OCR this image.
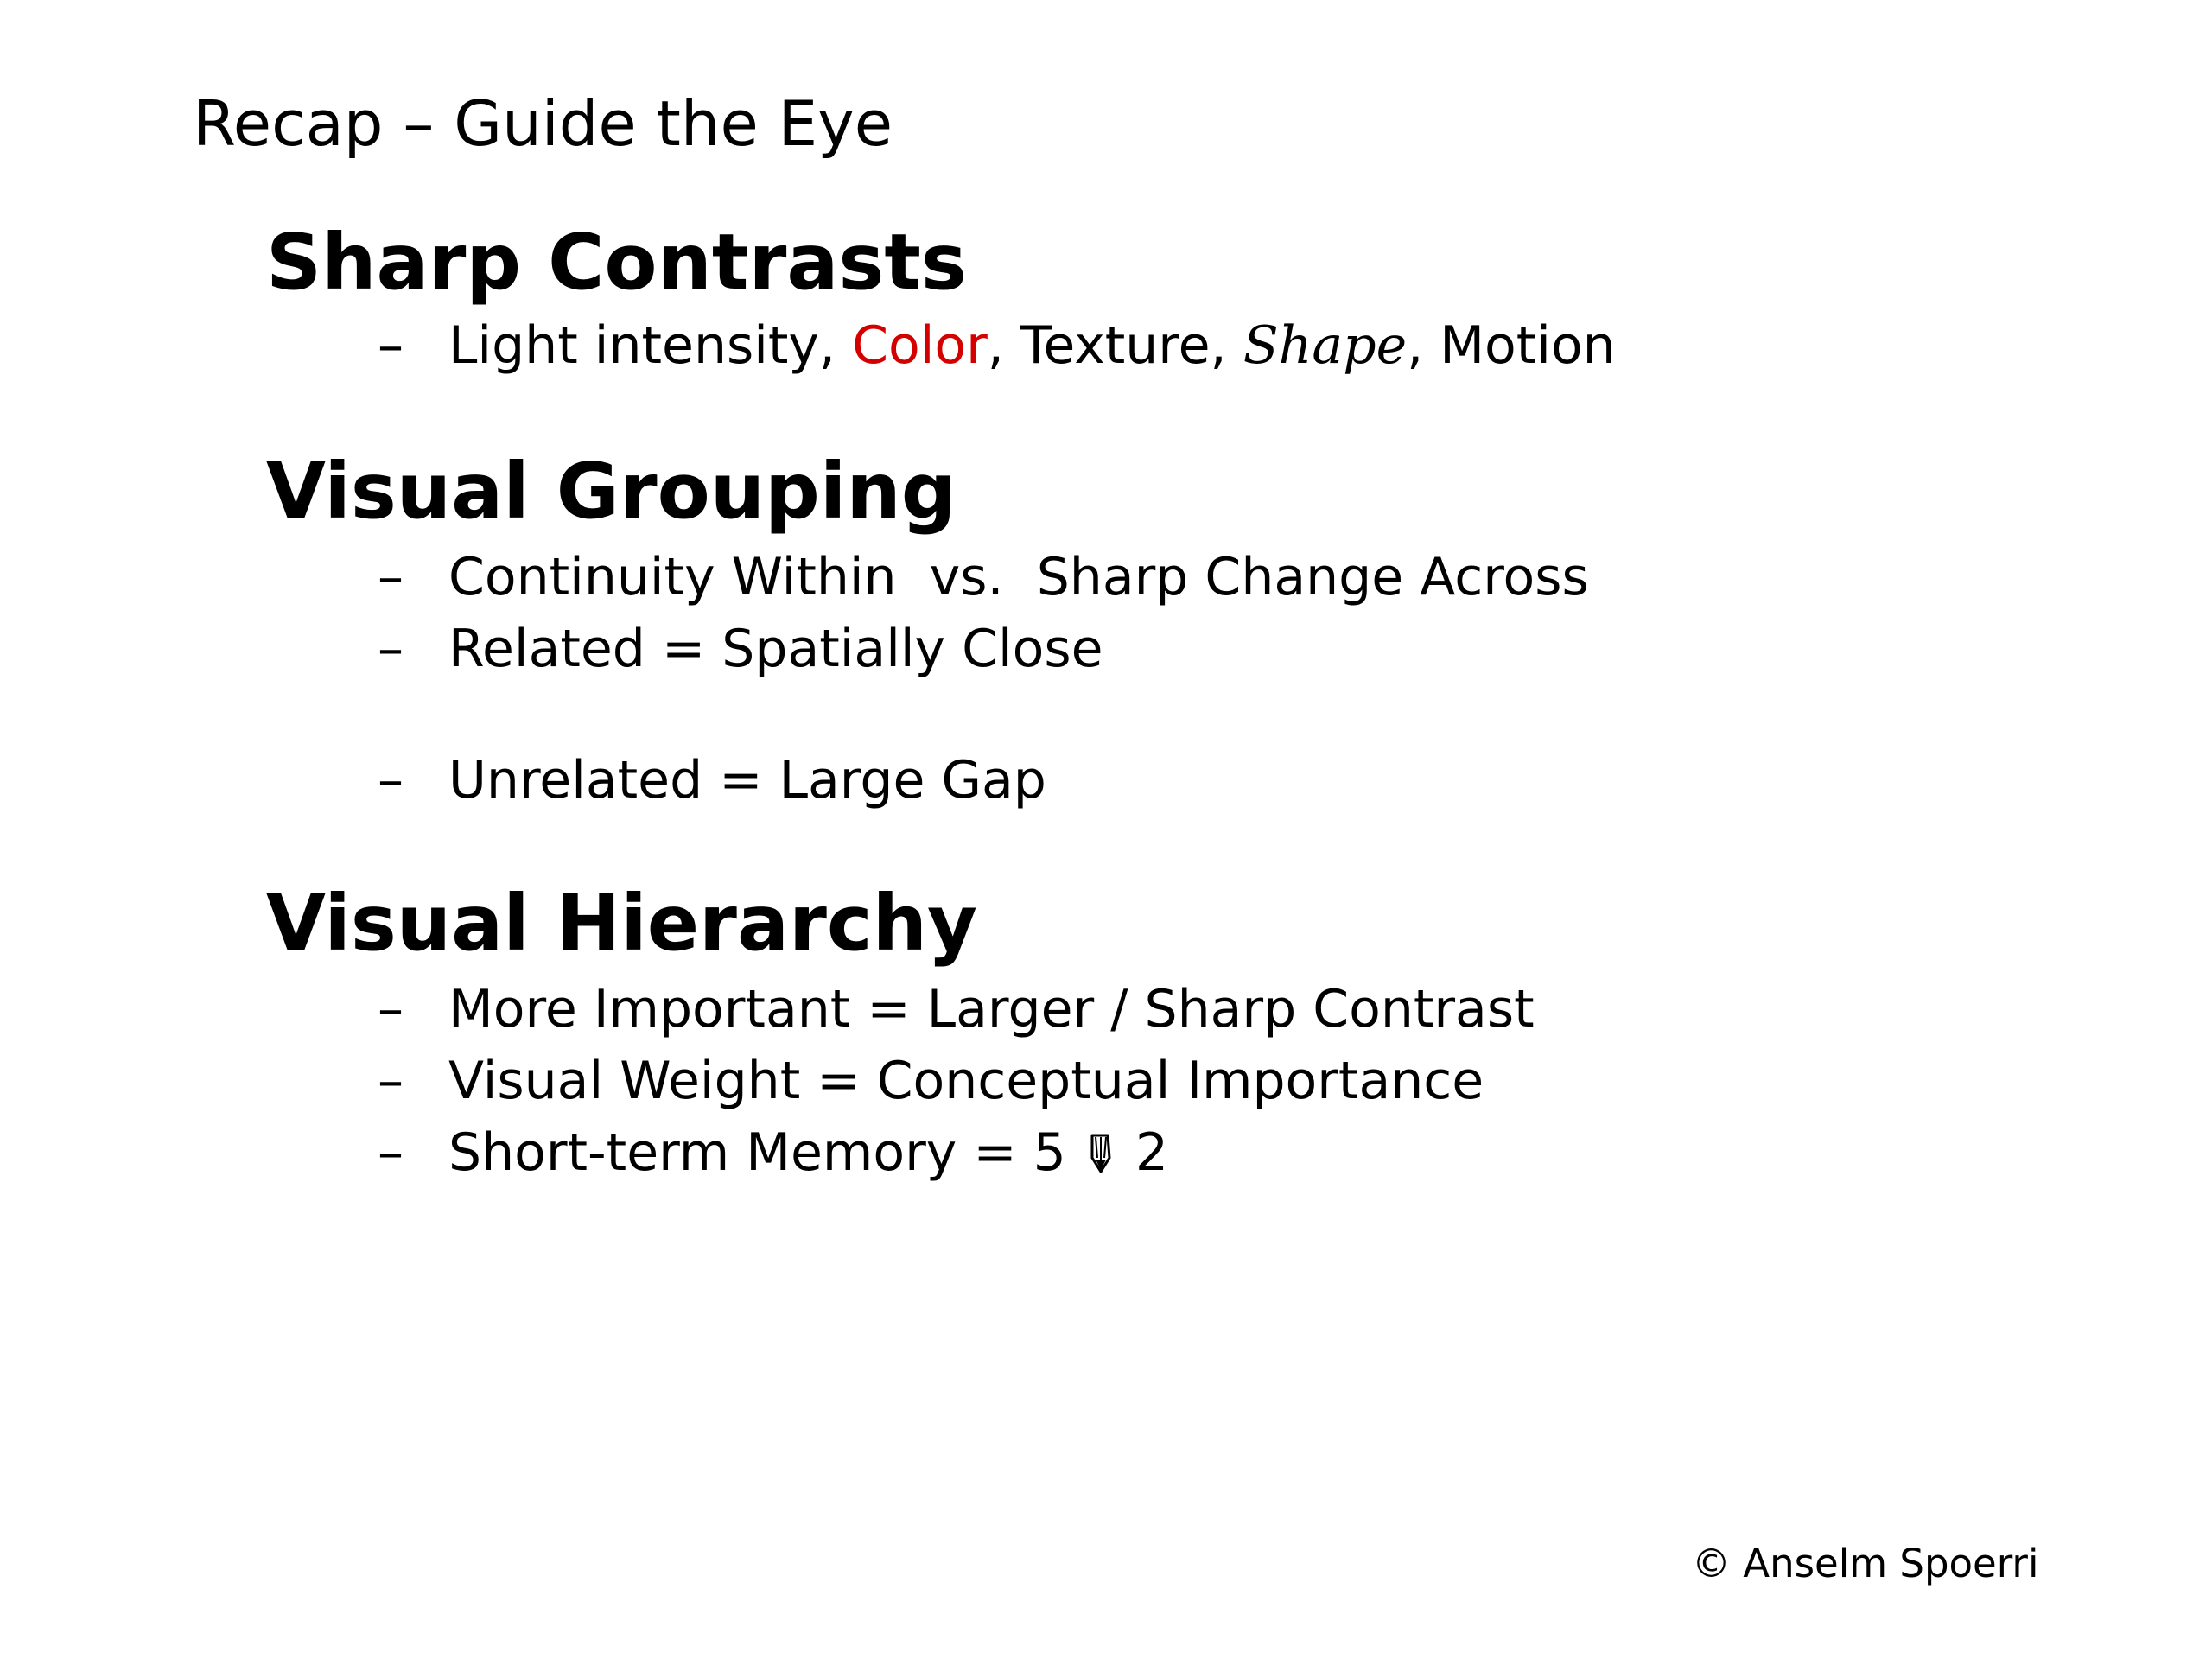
Recap – Guide the Eye
Sharp Contrasts
– Light intensity, Color, Texture, Shape, Motion
Visual Grouping
– Continuity Within  vs.  Sharp Change Across
– Related = Spatially Close
– Unrelated = Large Gap
Visual Hierarchy
– More Important = Larger / Sharp Contrast
– Visual Weight = Conceptual Importance
– Short-term Memory = 5 2
© Anselm Spoerri
